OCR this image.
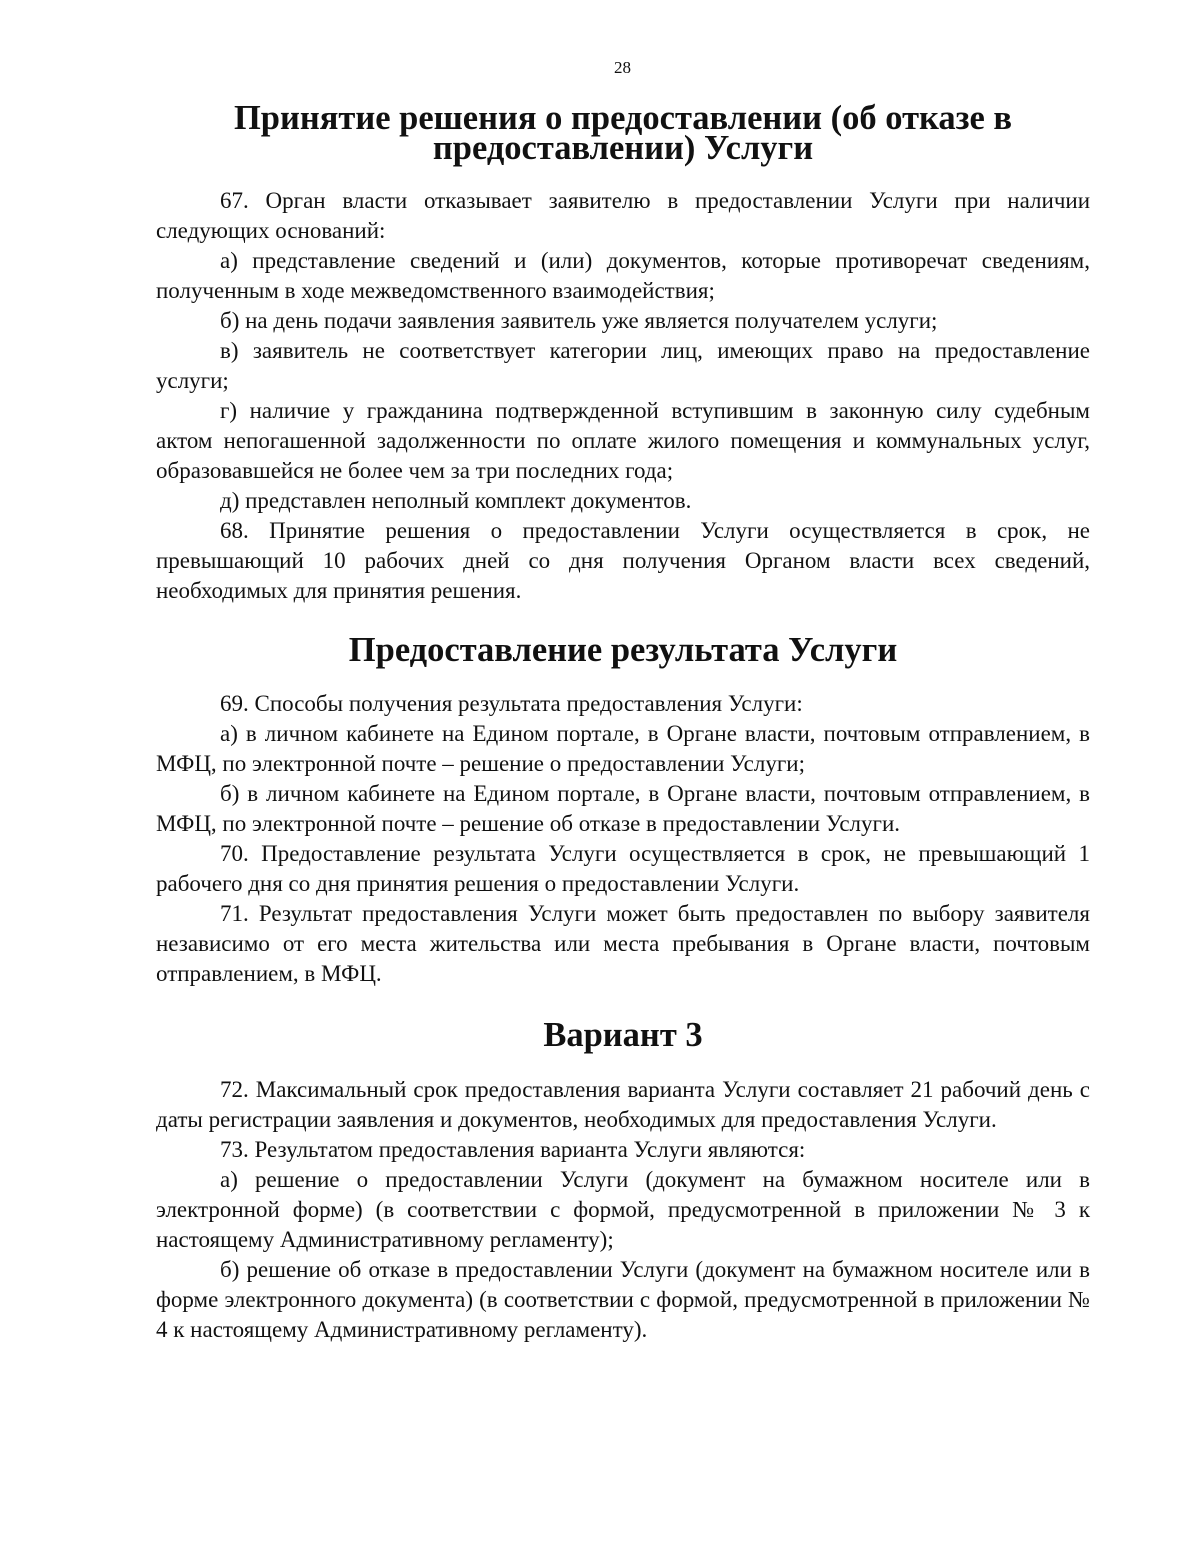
28
Принятие решения о предоставлении (об отказе в предоставлении) Услуги

67. Орган власти отказывает заявителю в предоставлении Услуги при наличии следующих оснований:

а) представление сведений и (или) документов, которые противоречат сведениям, полученным в ходе межведомственного взаимодействия;

б) на день подачи заявления заявитель уже является получателем услуги;

в) заявитель не соответствует категории лиц, имеющих право на предоставление услуги;

г) наличие у гражданина подтвержденной вступившим в законную силу судебным актом непогашенной задолженности по оплате жилого помещения и коммунальных услуг, образовавшейся не более чем за три последних года;

д) представлен неполный комплект документов.

68. Принятие решения о предоставлении Услуги осуществляется в срок, не превышающий 10 рабочих дней со дня получения Органом власти всех сведений, необходимых для принятия решения.

Предоставление результата Услуги

69. Способы получения результата предоставления Услуги:

а) в личном кабинете на Едином портале, в Органе власти, почтовым отправлением, в МФЦ, по электронной почте – решение о предоставлении Услуги;

б) в личном кабинете на Едином портале, в Органе власти, почтовым отправлением, в МФЦ, по электронной почте – решение об отказе в предоставлении Услуги.

70. Предоставление результата Услуги осуществляется в срок, не превышающий 1 рабочего дня со дня принятия решения о предоставлении Услуги.

71. Результат предоставления Услуги может быть предоставлен по выбору заявителя независимо от его места жительства или места пребывания в Органе власти, почтовым отправлением, в МФЦ.

Вариант 3

72. Максимальный срок предоставления варианта Услуги составляет 21 рабочий день с даты регистрации заявления и документов, необходимых для предоставления Услуги.

73. Результатом предоставления варианта Услуги являются:

а) решение о предоставлении Услуги (документ на бумажном носителе или в электронной форме) (в соответствии с формой, предусмотренной в приложении № 3 к настоящему Административному регламенту);

б) решение об отказе в предоставлении Услуги (документ на бумажном носителе или в форме электронного документа) (в соответствии с формой, предусмотренной в приложении № 4 к настоящему Административному регламенту).
